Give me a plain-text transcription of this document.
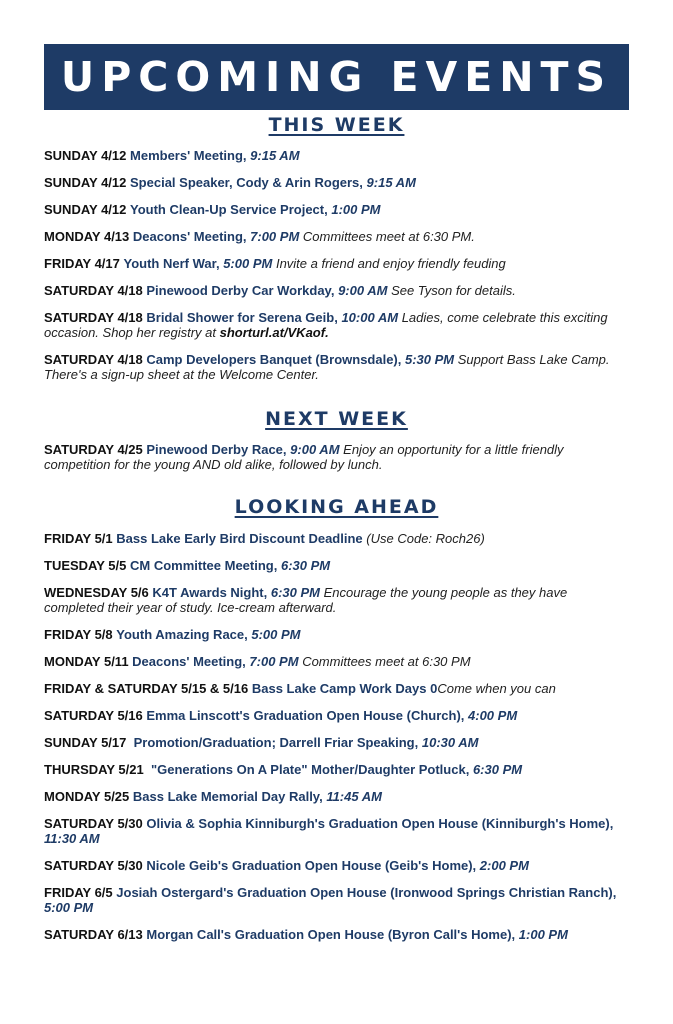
UPCOMING EVENTS
THIS WEEK
SUNDAY 4/12 Members' Meeting, 9:15 AM
SUNDAY 4/12 Special Speaker, Cody & Arin Rogers, 9:15 AM
SUNDAY 4/12 Youth Clean-Up Service Project, 1:00 PM
MONDAY 4/13 Deacons' Meeting, 7:00 PM Committees meet at 6:30 PM.
FRIDAY 4/17 Youth Nerf War, 5:00 PM Invite a friend and enjoy friendly feuding
SATURDAY 4/18 Pinewood Derby Car Workday, 9:00 AM See Tyson for details.
SATURDAY 4/18 Bridal Shower for Serena Geib, 10:00 AM Ladies, come celebrate this exciting occasion. Shop her registry at shorturl.at/VKaof.
SATURDAY 4/18 Camp Developers Banquet (Brownsdale), 5:30 PM Support Bass Lake Camp. There's a sign-up sheet at the Welcome Center.
NEXT WEEK
SATURDAY 4/25 Pinewood Derby Race, 9:00 AM Enjoy an opportunity for a little friendly competition for the young AND old alike, followed by lunch.
LOOKING AHEAD
FRIDAY 5/1 Bass Lake Early Bird Discount Deadline (Use Code: Roch26)
TUESDAY 5/5 CM Committee Meeting, 6:30 PM
WEDNESDAY 5/6 K4T Awards Night, 6:30 PM Encourage the young people as they have completed their year of study. Ice-cream afterward.
FRIDAY 5/8 Youth Amazing Race, 5:00 PM
MONDAY 5/11 Deacons' Meeting, 7:00 PM Committees meet at 6:30 PM
FRIDAY & SATURDAY 5/15 & 5/16 Bass Lake Camp Work Days 0Come when you can
SATURDAY 5/16 Emma Linscott's Graduation Open House (Church), 4:00 PM
SUNDAY 5/17 Promotion/Graduation; Darrell Friar Speaking, 10:30 AM
THURSDAY 5/21 "Generations On A Plate" Mother/Daughter Potluck, 6:30 PM
MONDAY 5/25 Bass Lake Memorial Day Rally, 11:45 AM
SATURDAY 5/30 Olivia & Sophia Kinniburgh's Graduation Open House (Kinniburgh's Home), 11:30 AM
SATURDAY 5/30 Nicole Geib's Graduation Open House (Geib's Home), 2:00 PM
FRIDAY 6/5 Josiah Ostergard's Graduation Open House (Ironwood Springs Christian Ranch), 5:00 PM
SATURDAY 6/13 Morgan Call's Graduation Open House (Byron Call's Home), 1:00 PM
